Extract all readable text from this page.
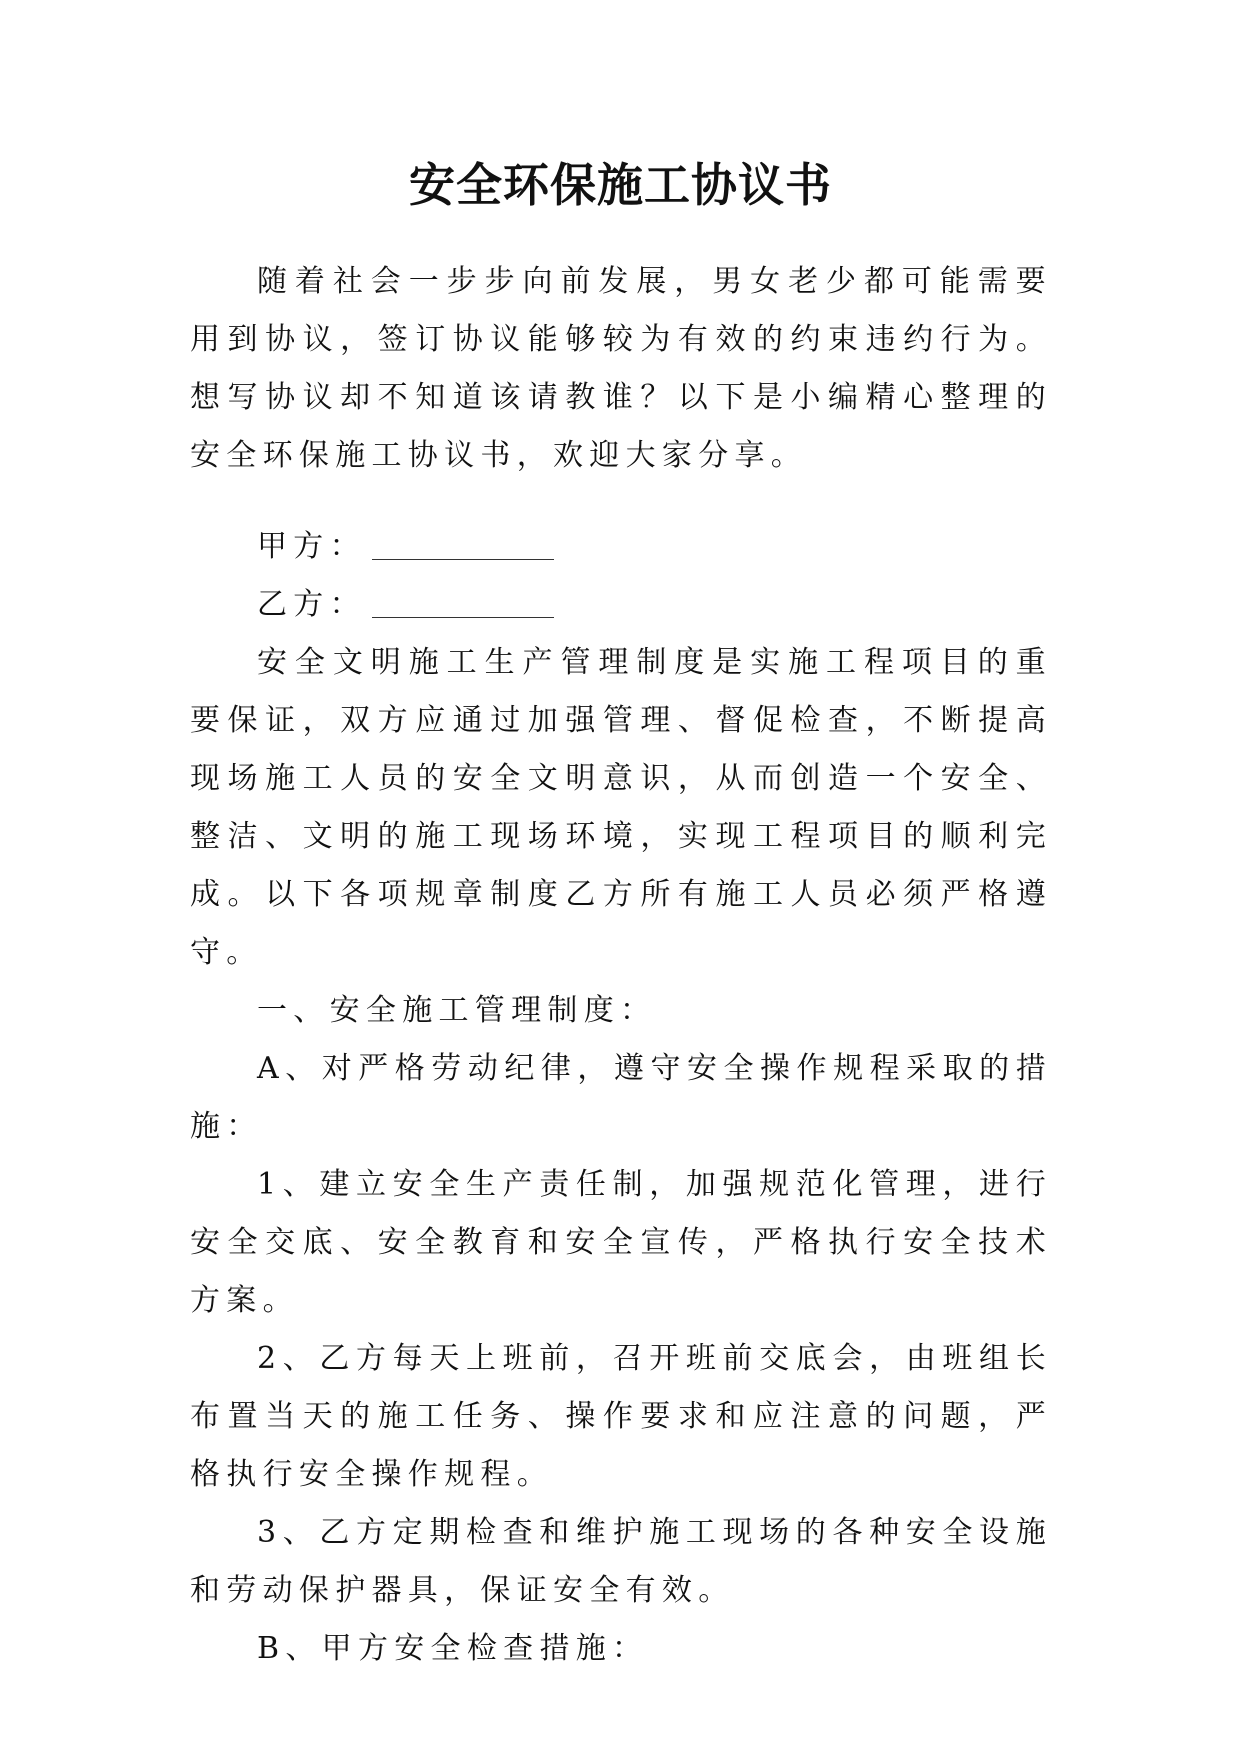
安全环保施工协议书

随着社会一步步向前发展，男女老少都可能需要用到协议，签订协议能够较为有效的约束违约行为。想写协议却不知道该请教谁？以下是小编精心整理的安全环保施工协议书，欢迎大家分享。

甲方：

乙方：

安全文明施工生产管理制度是实施工程项目的重要保证，双方应通过加强管理、督促检查，不断提高现场施工人员的安全文明意识，从而创造一个安全、整洁、文明的施工现场环境，实现工程项目的顺利完成。以下各项规章制度乙方所有施工人员必须严格遵守。

一、安全施工管理制度：

A、对严格劳动纪律，遵守安全操作规程采取的措施：

1、建立安全生产责任制，加强规范化管理，进行安全交底、安全教育和安全宣传，严格执行安全技术方案。

2、乙方每天上班前，召开班前交底会，由班组长布置当天的施工任务、操作要求和应注意的问题，严格执行安全操作规程。

3、乙方定期检查和维护施工现场的各种安全设施和劳动保护器具，保证安全有效。

B、甲方安全检查措施：
